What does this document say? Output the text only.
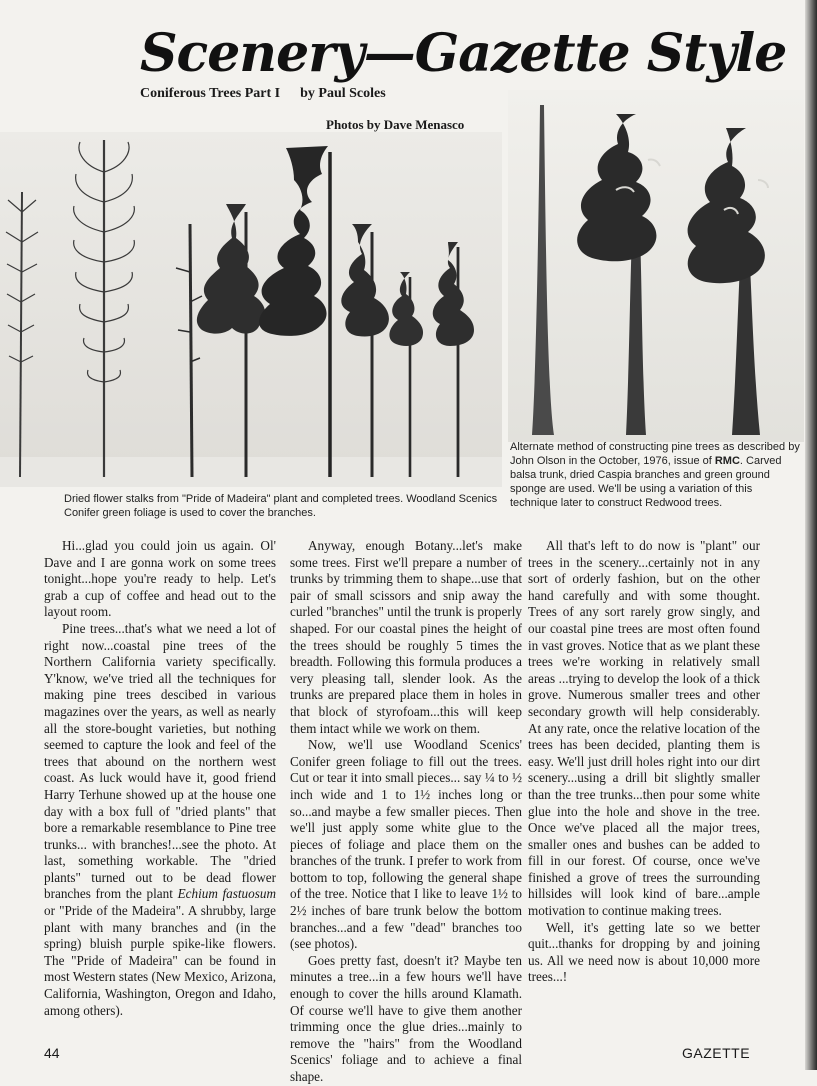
Scenery—Gazette Style
Coniferous Trees Part I by Paul Scoles
Photos by Dave Menasco
Dried flower stalks from "Pride of Madeira" plant and completed trees. Woodland Scenics Conifer green foliage is used to cover the branches.
Alternate method of constructing pine trees as described by John Olson in the October, 1976, issue of RMC. Carved balsa trunk, dried Caspia branches and green ground sponge are used. We'll be using a variation of this technique later to construct Redwood trees.

Hi...glad you could join us again. Ol' Dave and I are gonna work on some trees tonight...hope you're ready to help. Let's grab a cup of coffee and head out to the layout room.

Pine trees...that's what we need a lot of right now...coastal pine trees of the Northern California variety specifically. Y'know, we've tried all the techniques for making pine trees descibed in various magazines over the years, as well as nearly all the store-bought varieties, but nothing seemed to capture the look and feel of the trees that abound on the northern west coast. As luck would have it, good friend Harry Terhune showed up at the house one day with a box full of "dried plants" that bore a remarkable resemblance to Pine tree trunks... with branches!...see the photo. At last, something workable. The "dried plants" turned out to be dead flower branches from the plant Echium fastuosum or "Pride of the Madeira". A shrubby, large plant with many branches and (in the spring) bluish purple spike-like flowers. The "Pride of Madeira" can be found in most Western states (New Mexico, Arizona, California, Washington, Oregon and Idaho, among others).

Anyway, enough Botany...let's make some trees. First we'll prepare a number of trunks by trimming them to shape...use that pair of small scissors and snip away the curled "branches" until the trunk is properly shaped. For our coastal pines the height of the trees should be roughly 5 times the breadth. Following this formula produces a very pleasing tall, slender look. As the trunks are prepared place them in holes in that block of styrofoam...this will keep them intact while we work on them.

Now, we'll use Woodland Scenics' Conifer green foliage to fill out the trees. Cut or tear it into small pieces... say ¼ to ½ inch wide and 1 to 1½ inches long or so...and maybe a few smaller pieces. Then we'll just apply some white glue to the pieces of foliage and place them on the branches of the trunk. I prefer to work from bottom to top, following the general shape of the tree. Notice that I like to leave 1½ to 2½ inches of bare trunk below the bottom branches...and a few "dead" branches too (see photos).

Goes pretty fast, doesn't it? Maybe ten minutes a tree...in a few hours we'll have enough to cover the hills around Klamath. Of course we'll have to give them another trimming once the glue dries...mainly to remove the "hairs" from the Woodland Scenics' foliage and to achieve a final shape.

All that's left to do now is "plant" our trees in the scenery...certainly not in any sort of orderly fashion, but on the other hand carefully and with some thought. Trees of any sort rarely grow singly, and our coastal pine trees are most often found in vast groves. Notice that as we plant these trees we're working in relatively small areas ...trying to develop the look of a thick grove. Numerous smaller trees and other secondary growth will help considerably. At any rate, once the relative location of the trees has been decided, planting them is easy. We'll just drill holes right into our dirt scenery...using a drill bit slightly smaller than the tree trunks...then pour some white glue into the hole and shove in the tree. Once we've placed all the major trees, smaller ones and bushes can be added to fill in our forest. Of course, once we've finished a grove of trees the surrounding hillsides will look kind of bare...ample motivation to continue making trees.

Well, it's getting late so we better quit...thanks for dropping by and joining us. All we need now is about 10,000 more trees...!

44	GAZETTE
